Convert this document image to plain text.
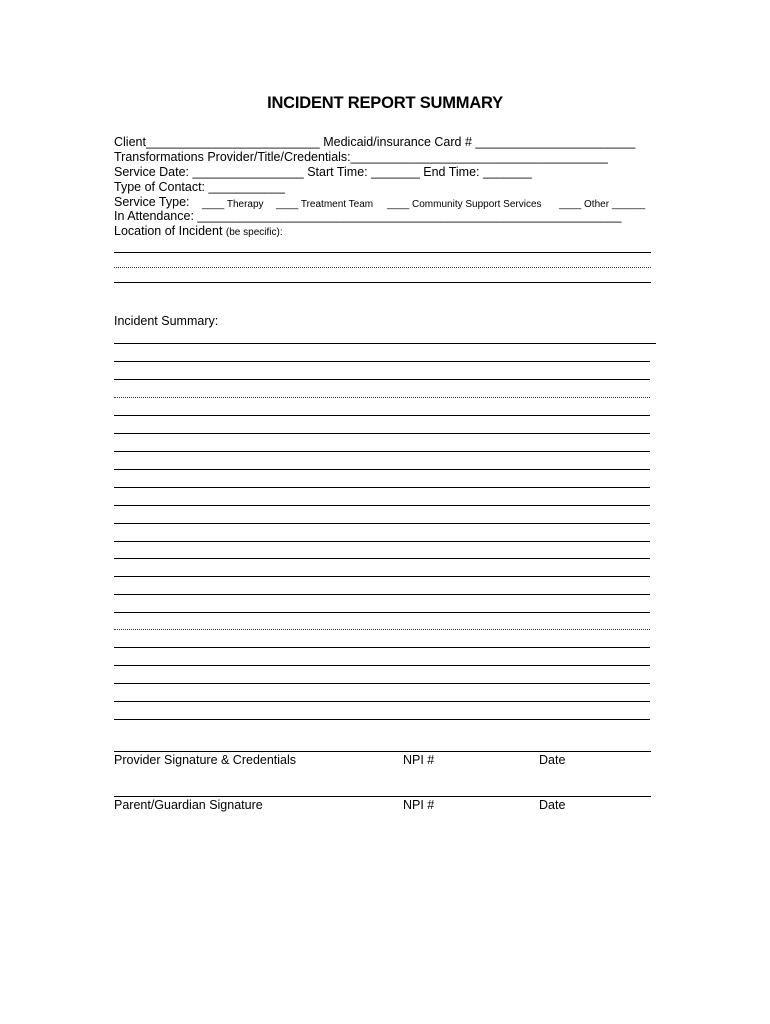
INCIDENT REPORT SUMMARY
Client_________________________ Medicaid/insurance Card # _______________________
Transformations Provider/Title/Credentials:_____________________________________
Service Date: ________________ Start Time: _______ End Time: _______
Type of Contact: ___________
Service Type: ____ Therapy ____ Treatment Team ____ Community Support Services ____ Other ______
In Attendance: _____________________________________________________________
Location of Incident (be specific):
Incident Summary:
Provider Signature & Credentials	NPI #	Date
Parent/Guardian Signature	NPI #	Date
